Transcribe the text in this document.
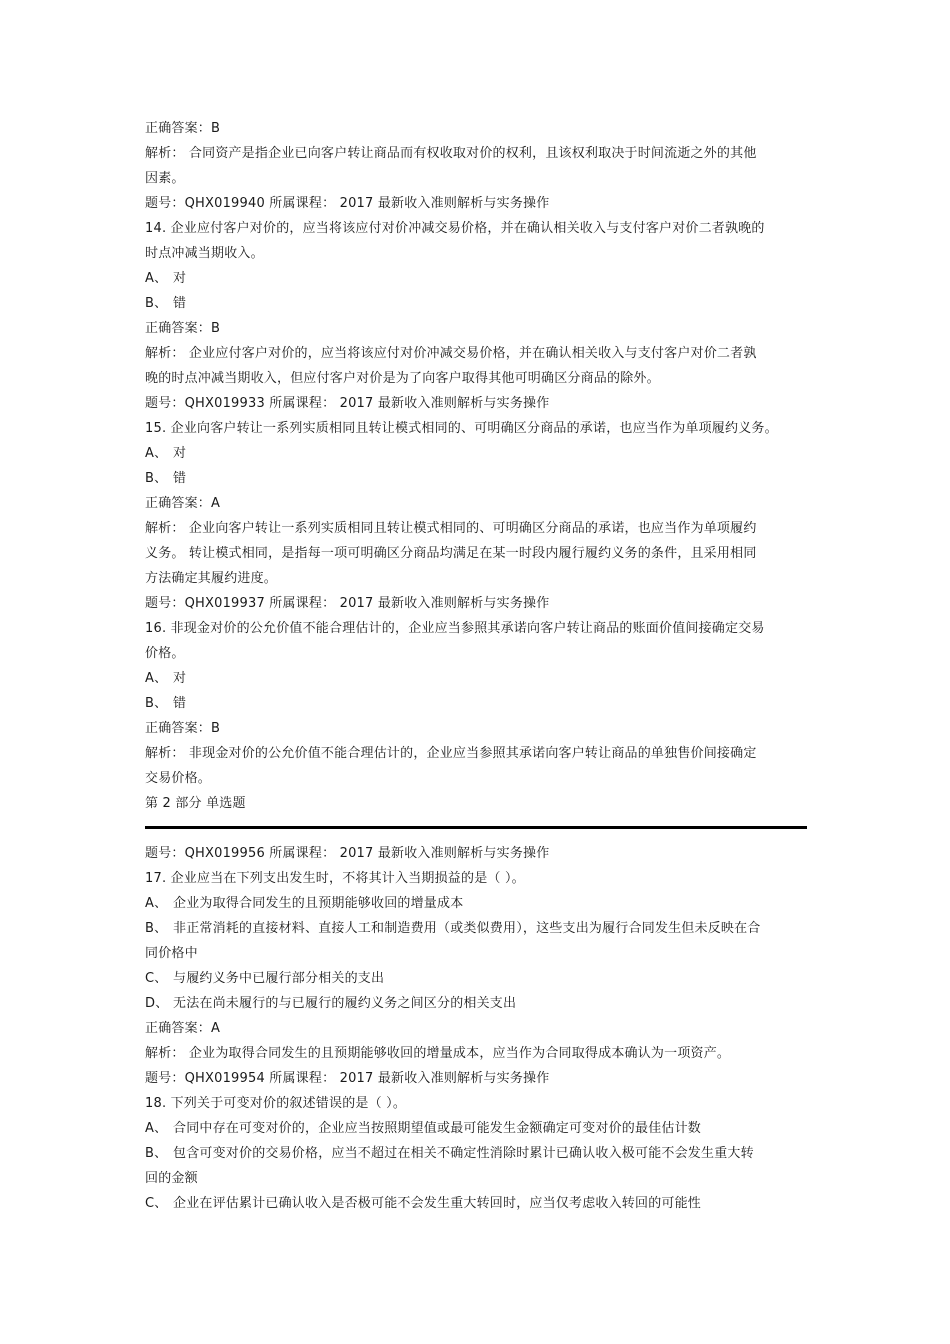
正确答案：B
解析： 合同资产是指企业已向客户转让商品而有权收取对价的权利，且该权利取决于时间流逝之外的其他
因素。
题号：QHX019940 所属课程： 2017 最新收入准则解析与实务操作
14. 企业应付客户对价的，应当将该应付对价冲减交易价格，并在确认相关收入与支付客户对价二者孰晚的
时点冲减当期收入。
A、 对
B、 错
正确答案：B
解析： 企业应付客户对价的，应当将该应付对价冲减交易价格，并在确认相关收入与支付客户对价二者孰
晚的时点冲减当期收入，但应付客户对价是为了向客户取得其他可明确区分商品的除外。
题号：QHX019933 所属课程： 2017 最新收入准则解析与实务操作
15. 企业向客户转让一系列实质相同且转让模式相同的、可明确区分商品的承诺，也应当作为单项履约义务。
A、 对
B、 错
正确答案：A
解析： 企业向客户转让一系列实质相同且转让模式相同的、可明确区分商品的承诺，也应当作为单项履约
义务。 转让模式相同，是指每一项可明确区分商品均满足在某一时段内履行履约义务的条件，且采用相同
方法确定其履约进度。
题号：QHX019937 所属课程： 2017 最新收入准则解析与实务操作
16. 非现金对价的公允价值不能合理估计的，企业应当参照其承诺向客户转让商品的账面价值间接确定交易
价格。
A、 对
B、 错
正确答案：B
解析： 非现金对价的公允价值不能合理估计的，企业应当参照其承诺向客户转让商品的单独售价间接确定
交易价格。
第 2 部分 单选题
题号：QHX019956 所属课程： 2017 最新收入准则解析与实务操作
17. 企业应当在下列支出发生时，不将其计入当期损益的是（ ）。
A、 企业为取得合同发生的且预期能够收回的增量成本
B、 非正常消耗的直接材料、直接人工和制造费用（或类似费用），这些支出为履行合同发生但未反映在合
同价格中
C、 与履约义务中已履行部分相关的支出
D、 无法在尚未履行的与已履行的履约义务之间区分的相关支出
正确答案：A
解析： 企业为取得合同发生的且预期能够收回的增量成本，应当作为合同取得成本确认为一项资产。
题号：QHX019954 所属课程： 2017 最新收入准则解析与实务操作
18. 下列关于可变对价的叙述错误的是（ ）。
A、 合同中存在可变对价的，企业应当按照期望值或最可能发生金额确定可变对价的最佳估计数
B、 包含可变对价的交易价格，应当不超过在相关不确定性消除时累计已确认收入极可能不会发生重大转
回的金额
C、 企业在评估累计已确认收入是否极可能不会发生重大转回时，应当仅考虑收入转回的可能性
